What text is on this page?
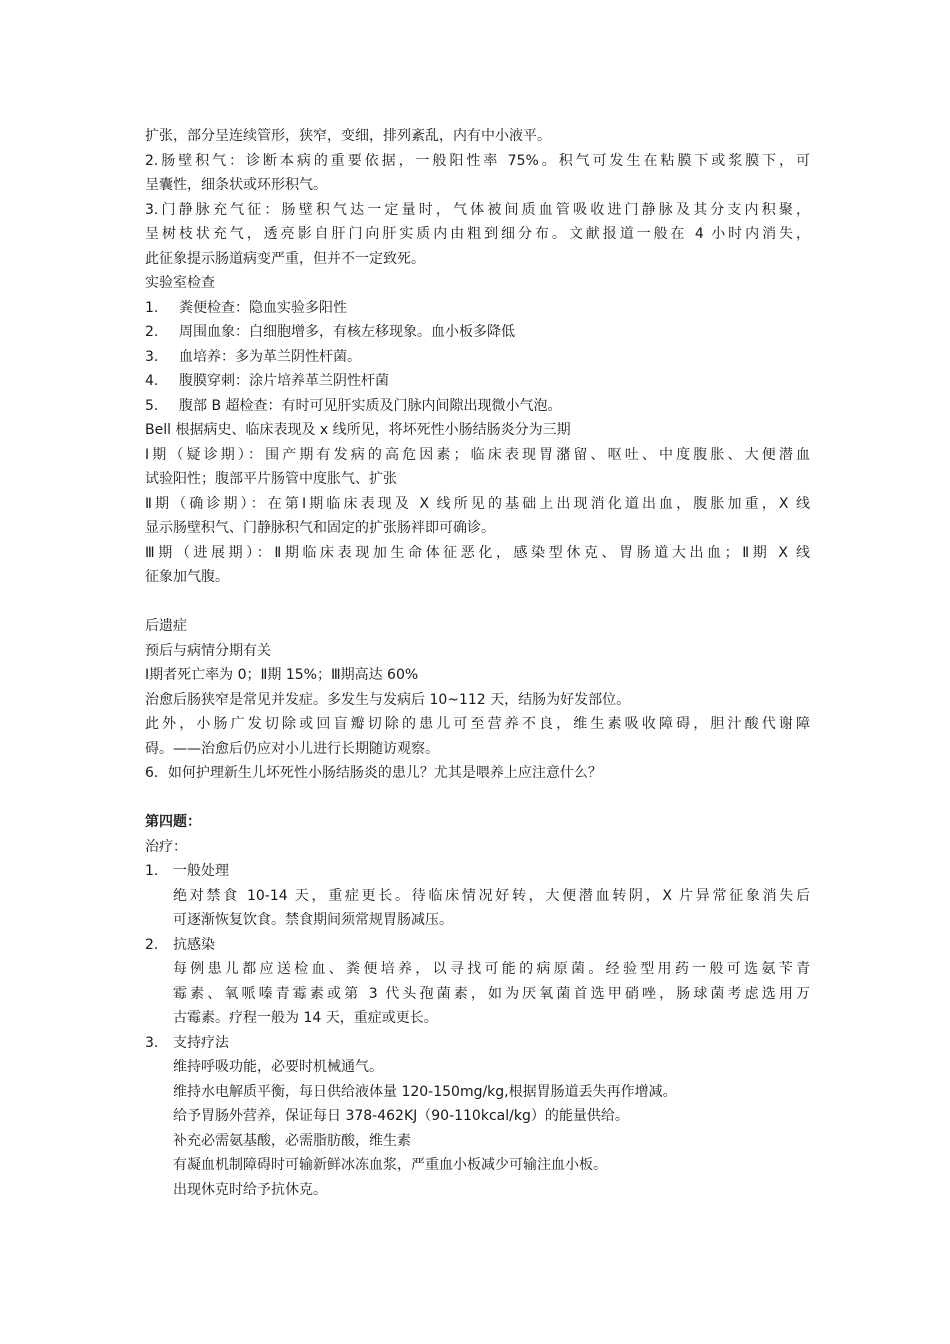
扩张，部分呈连续管形，狭窄，变细，排列紊乱，内有中小液平。
2.肠壁积气：诊断本病的重要依据，一般阳性率 75%。积气可发生在粘膜下或浆膜下，可
呈囊性，细条状或环形积气。
3.门静脉充气征：肠壁积气达一定量时，气体被间质血管吸收进门静脉及其分支内积聚，
呈树枝状充气，透亮影自肝门向肝实质内由粗到细分布。文献报道一般在 4 小时内消失，
此征象提示肠道病变严重，但并不一定致死。
实验室检查
1. 粪便检查：隐血实验多阳性
2. 周围血象：白细胞增多，有核左移现象。血小板多降低
3. 血培养：多为革兰阴性杆菌。
4. 腹膜穿刺：涂片培养革兰阴性杆菌
5. 腹部 B 超检查：有时可见肝实质及门脉内间隙出现微小气泡。
Bell 根据病史、临床表现及 x 线所见，将坏死性小肠结肠炎分为三期
Ⅰ期（疑诊期）：围产期有发病的高危因素；临床表现胃潴留、呕吐、中度腹胀、大便潜血
试验阳性；腹部平片肠管中度胀气、扩张
Ⅱ期（确诊期）：在第Ⅰ期临床表现及 X 线所见的基础上出现消化道出血，腹胀加重，X 线
显示肠壁积气、门静脉积气和固定的扩张肠袢即可确诊。
Ⅲ期（进展期）：Ⅱ期临床表现加生命体征恶化，感染型休克、胃肠道大出血；Ⅱ期 X 线
征象加气腹。
后遗症
预后与病情分期有关
Ⅰ期者死亡率为 0；Ⅱ期 15%；Ⅲ期高达 60%
治愈后肠狭窄是常见并发症。多发生与发病后 10~112 天，结肠为好发部位。
此外，小肠广发切除或回盲瓣切除的患儿可至营养不良，维生素吸收障碍，胆汁酸代谢障
碍。——治愈后仍应对小儿进行长期随访观察。
6．如何护理新生儿坏死性小肠结肠炎的患儿？尤其是喂养上应注意什么？
第四题：
治疗：
1. 一般处理
绝对禁食 10-14 天，重症更长。待临床情况好转，大便潜血转阴，X 片异常征象消失后
可逐渐恢复饮食。禁食期间须常规胃肠减压。
2. 抗感染
每例患儿都应送检血、粪便培养，以寻找可能的病原菌。经验型用药一般可选氨苄青
霉素、氧哌嗪青霉素或第 3 代头孢菌素，如为厌氧菌首选甲硝唑，肠球菌考虑选用万
古霉素。疗程一般为 14 天，重症或更长。
3. 支持疗法
维持呼吸功能，必要时机械通气。
维持水电解质平衡，每日供给液体量 120-150mg/kg,根据胃肠道丢失再作增减。
给予胃肠外营养，保证每日 378-462KJ（90-110kcal/kg）的能量供给。
补充必需氨基酸，必需脂肪酸，维生素
有凝血机制障碍时可输新鲜冰冻血浆，严重血小板减少可输注血小板。
出现休克时给予抗休克。
